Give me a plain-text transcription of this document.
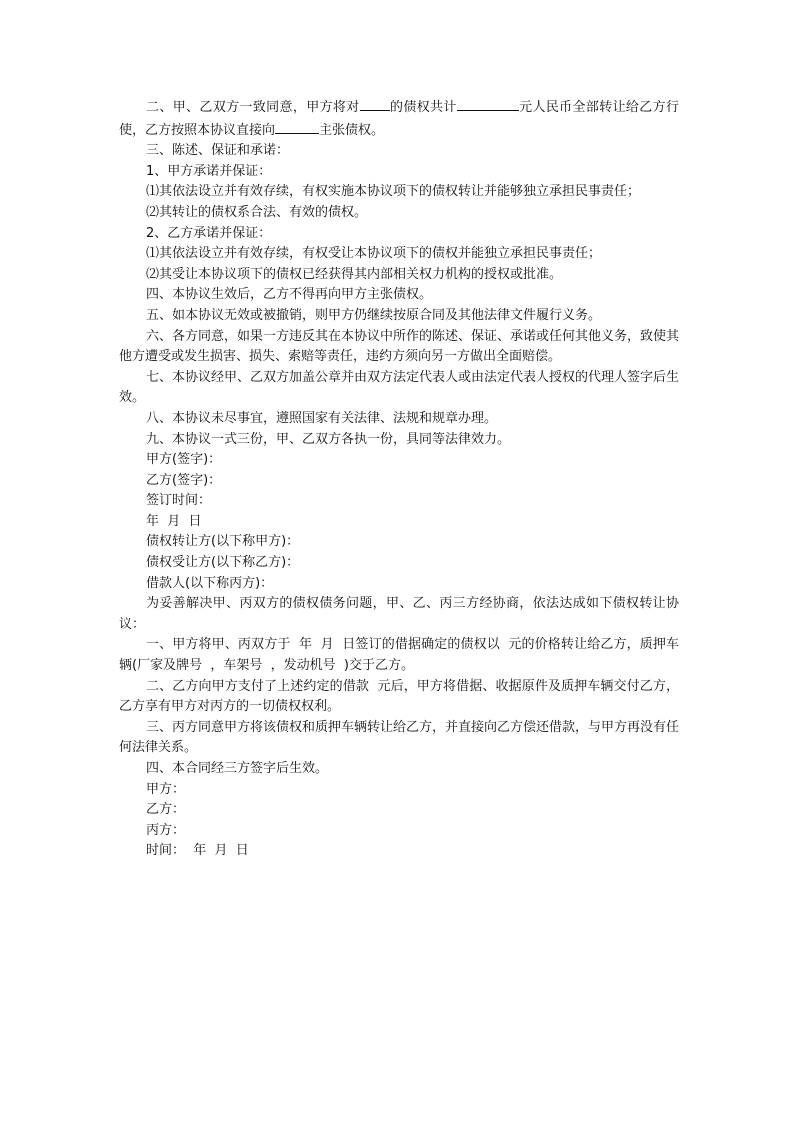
二、甲、乙双方一致同意，甲方将对 的债权共计	元人民币全部转让给乙方行使，乙方按照本协议直接向	主张债权。

三、陈述、保证和承诺：

1、甲方承诺并保证：

⑴其依法设立并有效存续，有权实施本协议项下的债权转让并能够独立承担民事责任；

⑵其转让的债权系合法、有效的债权。

2、乙方承诺并保证：

⑴其依法设立并有效存续，有权受让本协议项下的债权并能独立承担民事责任；

⑵其受让本协议项下的债权已经获得其内部相关权力机构的授权或批准。

四、本协议生效后，乙方不得再向甲方主张债权。

五、如本协议无效或被撤销，则甲方仍继续按原合同及其他法律文件履行义务。

六、各方同意，如果一方违反其在本协议中所作的陈述、保证、承诺或任何其他义务，致使其他方遭受或发生损害、损失、索赔等责任，违约方须向另一方做出全面赔偿。

七、本协议经甲、乙双方加盖公章并由双方法定代表人或由法定代表人授权的代理人签字后生效。

八、本协议未尽事宜，遵照国家有关法律、法规和规章办理。

九、本协议一式三份，甲、乙双方各执一份，具同等法律效力。

甲方(签字)：

乙方(签字)：

签订时间：

年  月  日

债权转让方(以下称甲方)：

债权受让方(以下称乙方)：

借款人(以下称丙方)：

为妥善解决甲、丙双方的债权债务问题，甲、乙、丙三方经协商，依法达成如下债权转让协议：

一、甲方将甲、丙双方于  年  月  日签订的借据确定的债权以  元的价格转让给乙方，质押车辆(厂家及牌号  ，车架号  ，发动机号  )交于乙方。

二、乙方向甲方支付了上述约定的借款  元后，甲方将借据、收据原件及质押车辆交付乙方，乙方享有甲方对丙方的一切债权权利。

三、丙方同意甲方将该债权和质押车辆转让给乙方，并直接向乙方偿还借款，与甲方再没有任何法律关系。

四、本合同经三方签字后生效。

甲方：

乙方：

丙方：

时间：  年  月  日
